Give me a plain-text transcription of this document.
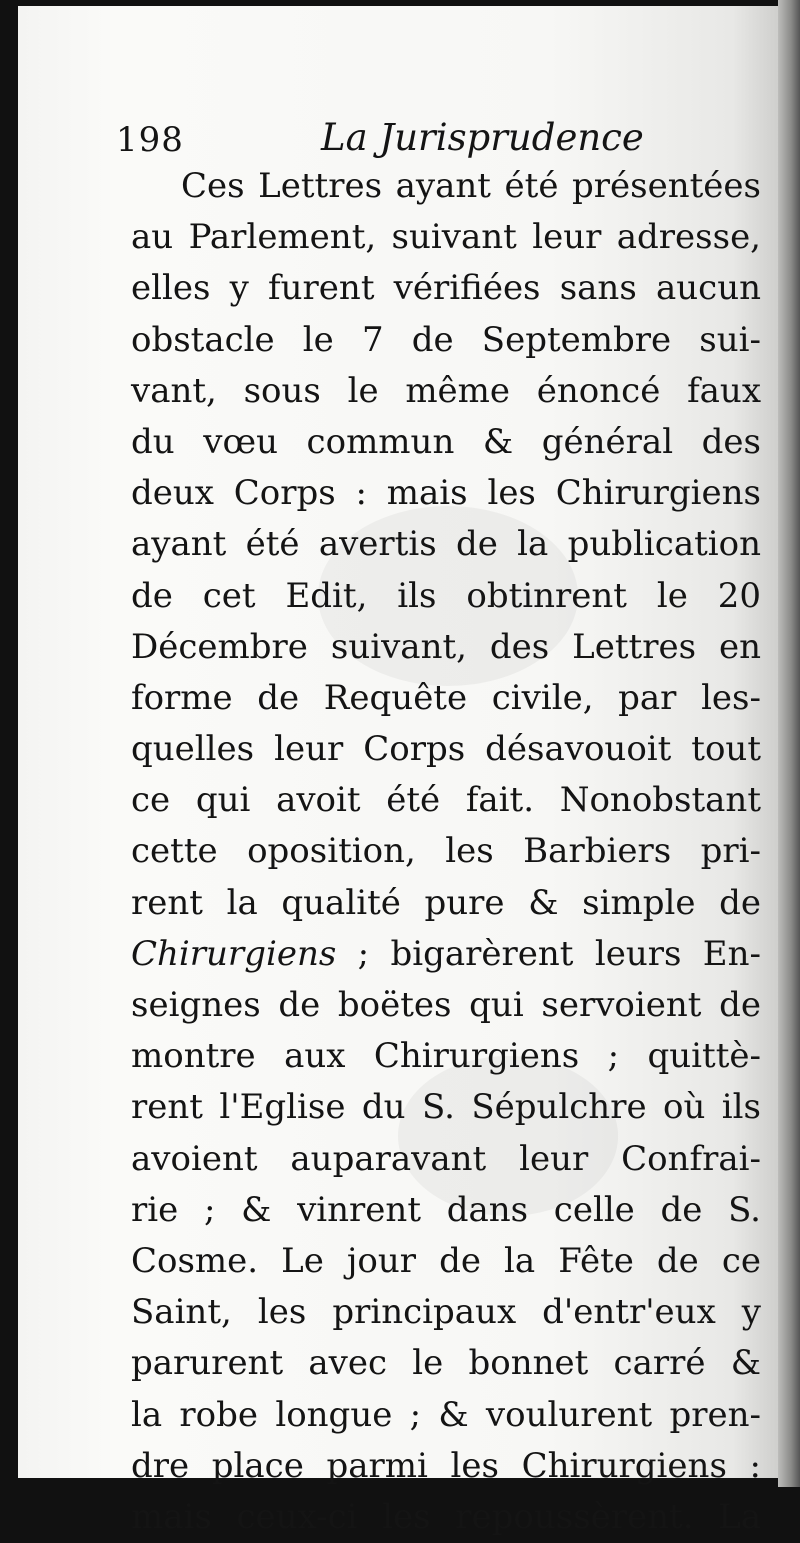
198	La Jurisprudence
Ces Lettres ayant été présentées
au Parlement, suivant leur adresse,
elles y furent vérifiées sans aucun
obstacle le 7 de Septembre sui-
vant, sous le même énoncé faux
du vœu commun & général des
deux Corps : mais les Chirurgiens
ayant été avertis de la publication
de cet Edit, ils obtinrent le 20
Décembre suivant, des Lettres en
forme de Requête civile, par les-
quelles leur Corps désavouoit tout
ce qui avoit été fait. Nonobstant
cette oposition, les Barbiers pri-
rent la qualité pure & simple de
Chirurgiens ; bigarèrent leurs En-
seignes de boëtes qui servoient de
montre aux Chirurgiens ; quittè-
rent l'Eglise du S. Sépulchre où ils
avoient auparavant leur Confrai-
rie ; & vinrent dans celle de S.
Cosme. Le jour de la Fête de ce
Saint, les principaux d'entr'eux y
parurent avec le bonnet carré &
la robe longue ; & voulurent pren-
dre place parmi les Chirurgiens :
mais ceux-ci les repoussèrent. La
